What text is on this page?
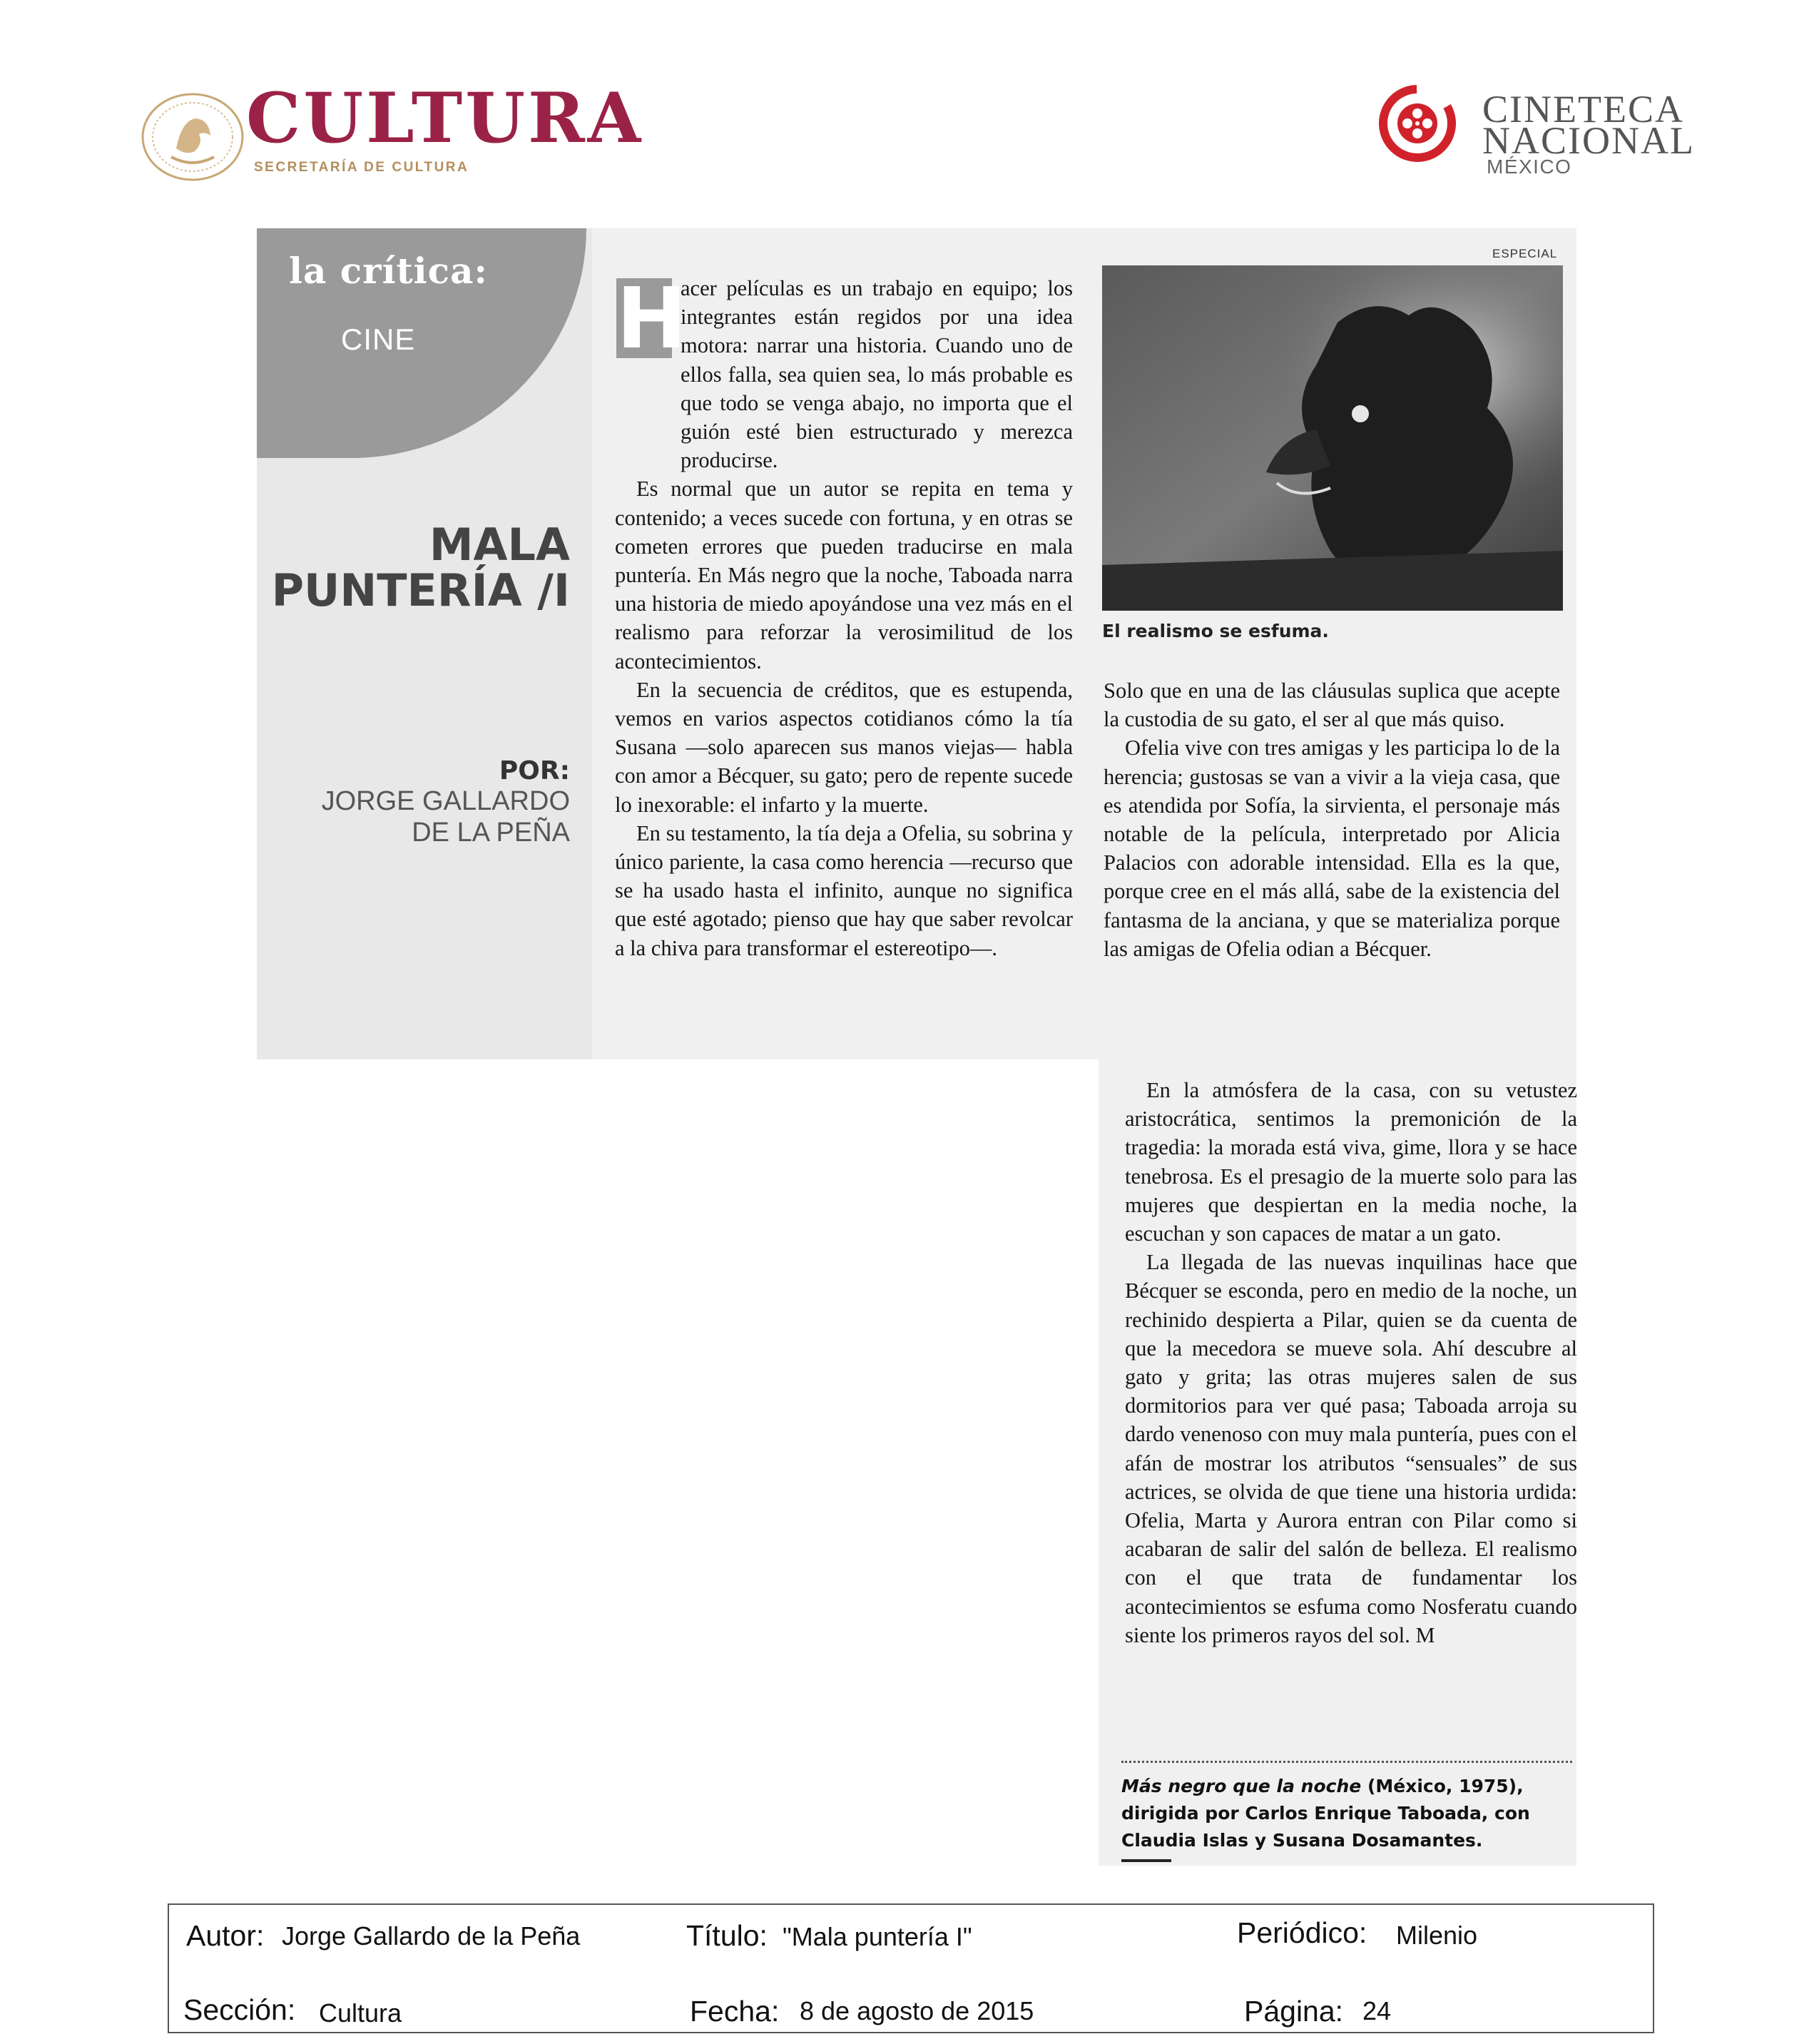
CULTURA
SECRETARÍA DE CULTURA
CINETECA
NACIONAL
MÉXICO
la crítica:
CINE
MALA
PUNTERÍA /I
POR:
JORGE GALLARDO DE LA PEÑA
H

acer películas es un trabajo en equipo; los integrantes están regidos por una idea motora: narrar una historia. Cuando uno de ellos falla, sea quien sea, lo más probable es que todo se venga abajo, no importa que el guión esté bien estructurado y merezca producirse.

Es normal que un autor se repita en tema y contenido; a veces sucede con fortuna, y en otras se cometen errores que pueden traducirse en mala puntería. En Más negro que la noche, Taboada narra una historia de miedo apoyándose una vez más en el realismo para reforzar la verosimilitud de los acontecimientos.

En la secuencia de créditos, que es estupenda, vemos en varios aspectos cotidianos cómo la tía Susana —solo aparecen sus manos viejas— habla con amor a Bécquer, su gato; pero de repente sucede lo inexorable: el infarto y la muerte.

En su testamento, la tía deja a Ofelia, su sobrina y único pariente, la casa como herencia —recurso que se ha usado hasta el infinito, aunque no significa que esté agotado; pienso que hay que saber revolcar a la chiva para transformar el estereotipo—.

ESPECIAL
El realismo se esfuma.

Solo que en una de las cláusulas suplica que acepte la custodia de su gato, el ser al que más quiso.

Ofelia vive con tres amigas y les participa lo de la herencia; gustosas se van a vivir a la vieja casa, que es atendida por Sofía, la sirvienta, el personaje más notable de la película, interpretado por Alicia Palacios con adorable intensidad. Ella es la que, porque cree en el más allá, sabe de la existencia del fantasma de la anciana, y que se materializa porque las amigas de Ofelia odian a Bécquer.

En la atmósfera de la casa, con su vetustez aristocrática, sentimos la premonición de la tragedia: la morada está viva, gime, llora y se hace tenebrosa. Es el presagio de la muerte solo para las mujeres que despiertan en la media noche, la escuchan y son capaces de matar a un gato.

La llegada de las nuevas inquilinas hace que Bécquer se esconda, pero en medio de la noche, un rechinido despierta a Pilar, quien se da cuenta de que la mecedora se mueve sola. Ahí descubre al gato y grita; las otras mujeres salen de sus dormitorios para ver qué pasa; Taboada arroja su dardo venenoso con muy mala puntería, pues con el afán de mostrar los atributos “sensuales” de sus actrices, se olvida de que tiene una historia urdida: Ofelia, Marta y Aurora entran con Pilar como si acabaran de salir del salón de belleza. El realismo con el que trata de fundamentar los acontecimientos se esfuma como Nosferatu cuando siente los primeros rayos del sol. M

Más negro que la noche (México, 1975), dirigida por Carlos Enrique Taboada, con Claudia Islas y Susana Dosamantes.
Autor: Jorge Gallardo de la Peña	Título: "Mala puntería I"	Periódico: Milenio
Sección: Cultura	Fecha: 8 de agosto de 2015	Página: 24
